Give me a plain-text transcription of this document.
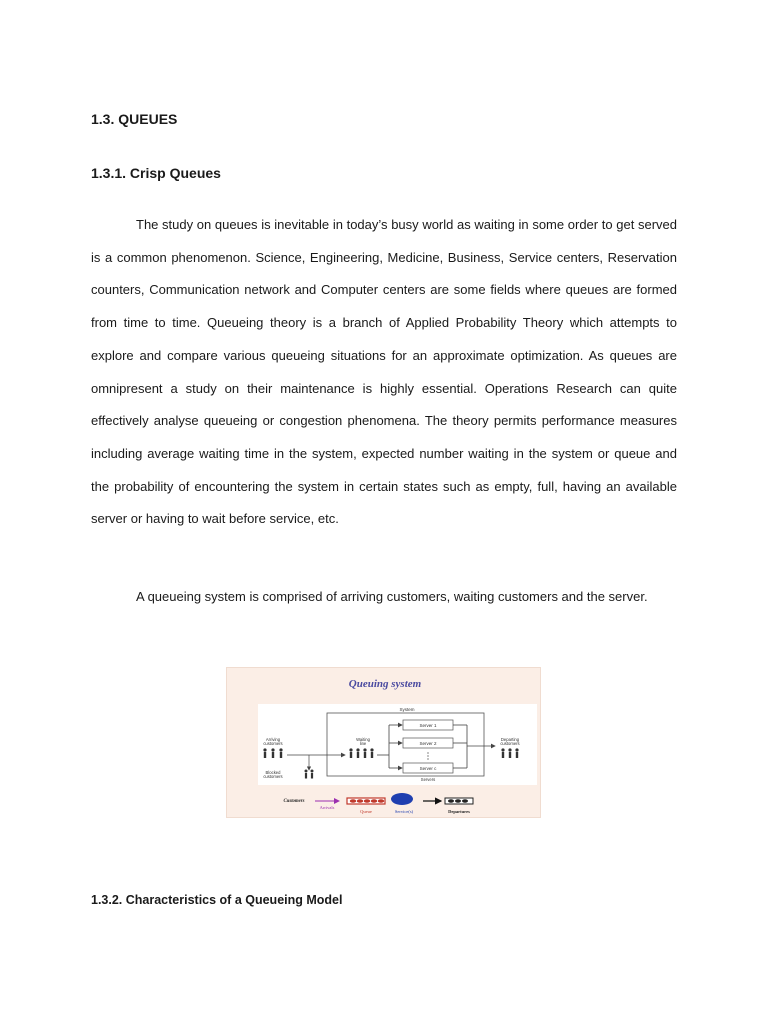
1.3. QUEUES
1.3.1. Crisp Queues

The study on queues is inevitable in today’s busy world as waiting in some order to get served is a common phenomenon. Science, Engineering, Medicine, Business, Service centers, Reservation counters, Communication network and Computer centers are some fields where queues are formed from time to time. Queueing theory is a branch of Applied Probability Theory which attempts to explore and compare various queueing situations for an approximate optimization. As queues are omnipresent a study on their maintenance is highly essential. Operations Research can quite effectively analyse queueing or congestion phenomena. The theory permits performance measures including average waiting time in the system, expected number waiting in the system or queue and the probability of encountering the system in certain states such as empty, full, having an available server or having to wait before service, etc.

A queueing system is comprised of arriving customers, waiting customers and the server.

Queuing system
System
Arriving
customers
Blocked
customers
Waiting
line
Server 1
Server 2
Server c
Servers
Departing
customers
Customers
Arrivals
Queue	Service(s)	Departures
1.3.2. Characteristics of a Queueing Model
